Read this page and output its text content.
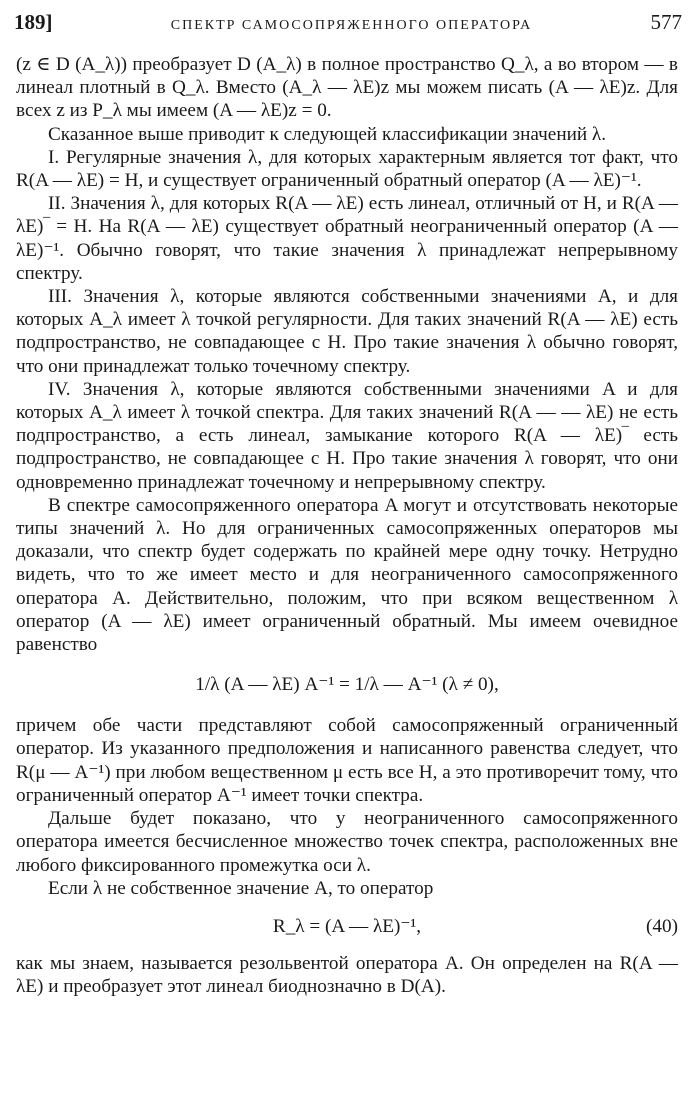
189]	СПЕКТР САМОСОПРЯЖЕННОГО ОПЕРАТОРА	577

(z ∈ D (A_λ)) преобразует D (A_λ) в полное пространство Q_λ, а во втором — в линеал плотный в Q_λ. Вместо (A_λ — λE)z мы можем писать (A — λE)z. Для всех z из P_λ мы имеем (A — λE)z = 0.

Сказанное выше приводит к следующей классификации значений λ.

I. Регулярные значения λ, для которых характерным является тот факт, что R(A — λE) = H, и существует ограниченный обратный оператор (A — λE)⁻¹.

II. Значения λ, для которых R(A — λE) есть линеал, отличный от H, и R(A — λE)‾ = H. На R(A — λE) существует обратный неограниченный оператор (A — λE)⁻¹. Обычно говорят, что такие значения λ принадлежат непрерывному спектру.

III. Значения λ, которые являются собственными значениями A, и для которых A_λ имеет λ точкой регулярности. Для таких значений R(A — λE) есть подпространство, не совпадающее с H. Про такие значения λ обычно говорят, что они принадлежат только точечному спектру.

IV. Значения λ, которые являются собственными значениями A и для которых A_λ имеет λ точкой спектра. Для таких значений R(A — — λE) не есть подпространство, а есть линеал, замыкание которого R(A — λE)‾ есть подпространство, не совпадающее с H. Про такие значения λ говорят, что они одновременно принадлежат точечному и непрерывному спектру.

В спектре самосопряженного оператора A могут и отсутствовать некоторые типы значений λ. Но для ограниченных самосопряженных операторов мы доказали, что спектр будет содержать по крайней мере одну точку. Нетрудно видеть, что то же имеет место и для неограниченного самосопряженного оператора A. Действительно, положим, что при всяком вещественном λ оператор (A — λE) имеет ограниченный обратный. Мы имеем очевидное равенство

1/λ (A — λE) A⁻¹ = 1/λ — A⁻¹ (λ ≠ 0),

причем обе части представляют собой самосопряженный ограниченный оператор. Из указанного предположения и написанного равенства следует, что R(μ — A⁻¹) при любом вещественном μ есть все H, а это противоречит тому, что ограниченный оператор A⁻¹ имеет точки спектра.

Дальше будет показано, что у неограниченного самосопряженного оператора имеется бесчисленное множество точек спектра, расположенных вне любого фиксированного промежутка оси λ.

Если λ не собственное значение A, то оператор

R_λ = (A — λE)⁻¹,	(40)

как мы знаем, называется резольвентой оператора A. Он определен на R(A — λE) и преобразует этот линеал биоднозначно в D(A).
